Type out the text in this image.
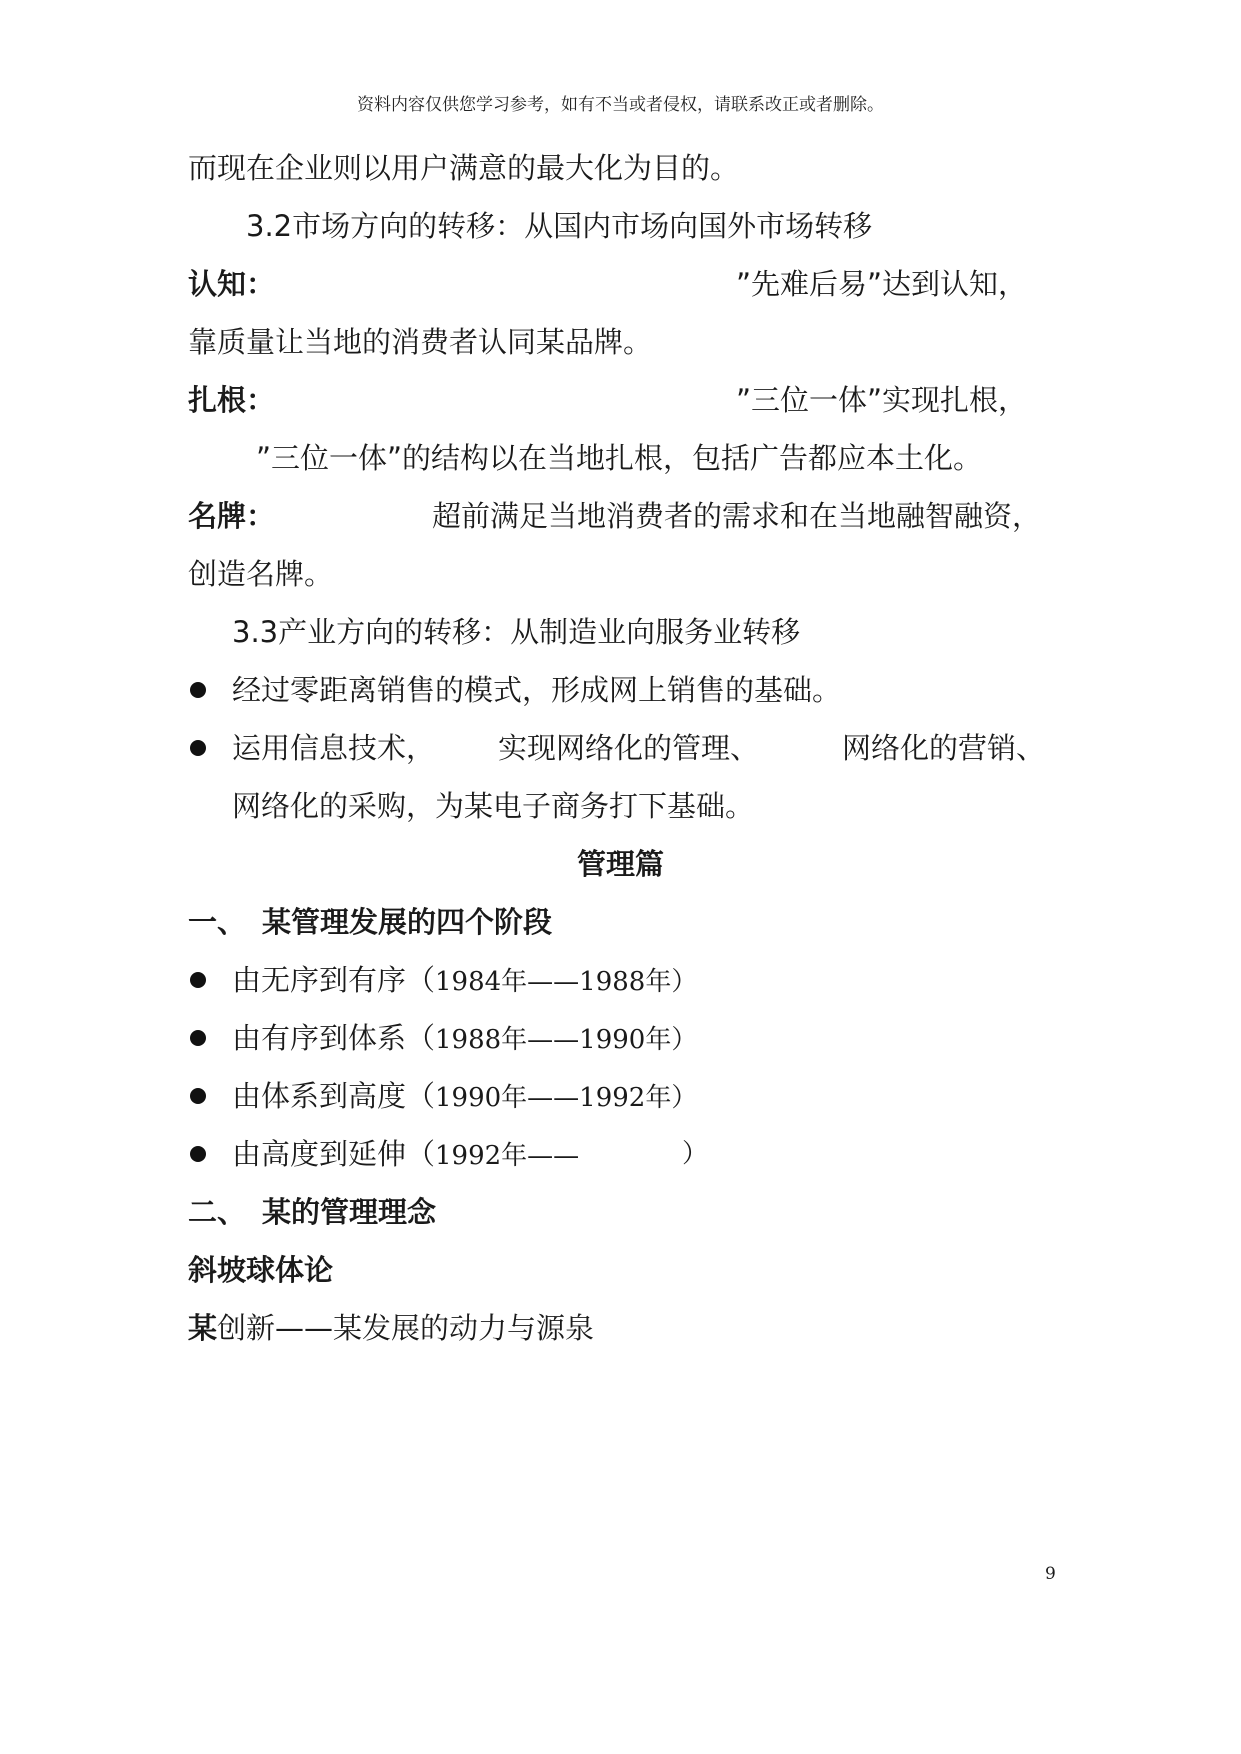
资料内容仅供您学习参考，如有不当或者侵权，请联系改正或者删除。
而现在企业则以用户满意的最大化为目的。
3.2市场方向的转移：从国内市场向国外市场转移
认知：	”先难后易”达到认知，
靠质量让当地的消费者认同某品牌。
扎根：	”三位一体”实现扎根，
”三位一体”的结构以在当地扎根，包括广告都应本土化。
名牌：	超前满足当地消费者的需求和在当地融智融资，
创造名牌。
3.3产业方向的转移：从制造业向服务业转移
经过零距离销售的模式，形成网上销售的基础。
运用信息技术， 实现网络化的管理、	网络化的营销、
网络化的采购，为某电子商务打下基础。
管理篇
一、 某管理发展的四个阶段
由无序到有序（1984年——1988年）
由有序到体系（1988年——1990年）
由体系到高度（1990年——1992年）
由高度到延伸（1992年——	）
二、 某的管理理念
斜坡球体论
某创新——某发展的动力与源泉
9
